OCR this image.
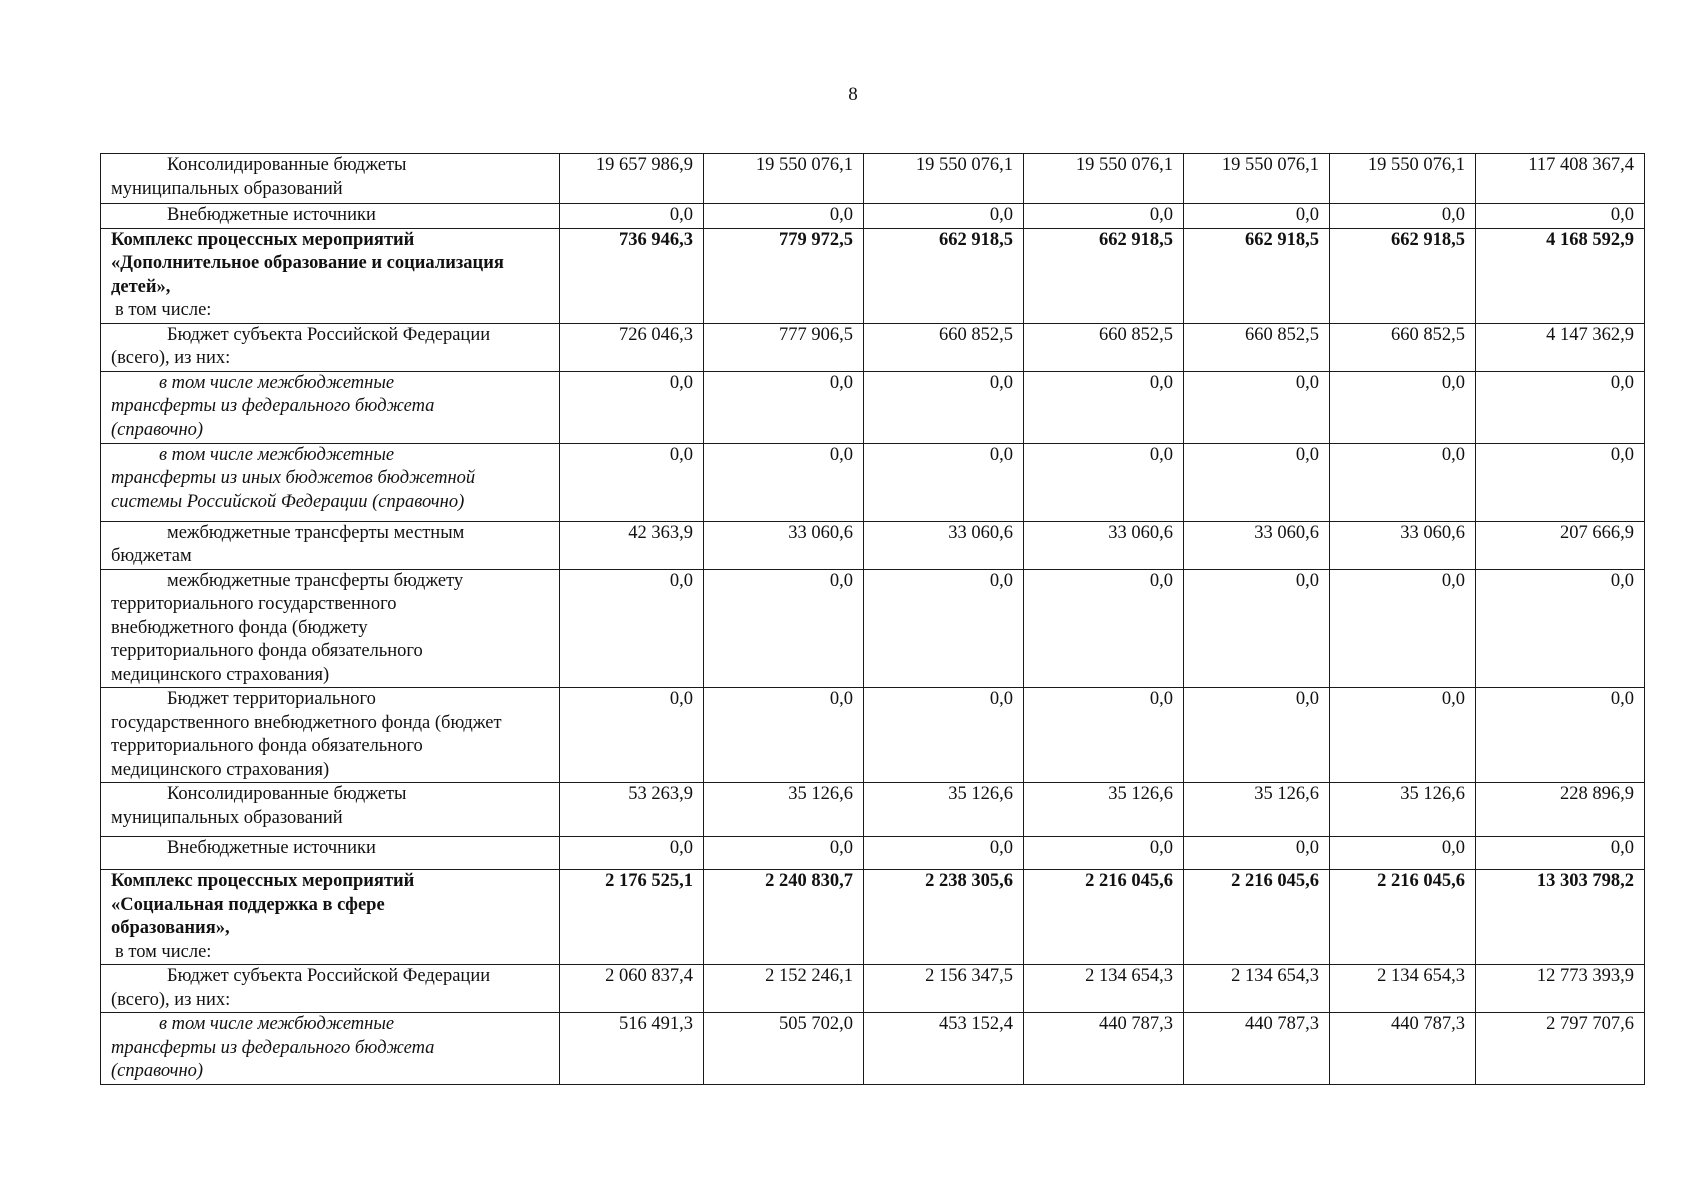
8
Консолидированные бюджеты
муниципальных образований	19 657 986,9	19 550 076,1	19 550 076,1	19 550 076,1	19 550 076,1	19 550 076,1	117 408 367,4

Внебюджетные источники	0,0	0,0	0,0	0,0	0,0	0,0	0,0

Комплекс процессных мероприятий
«Дополнительное образование и социализация
детей»,
в том числе:	736 946,3	779 972,5	662 918,5	662 918,5	662 918,5	662 918,5	4 168 592,9

Бюджет субъекта Российской Федерации
(всего), из них:	726 046,3	777 906,5	660 852,5	660 852,5	660 852,5	660 852,5	4 147 362,9

в том числе межбюджетные
трансферты из федерального бюджета
(справочно)	0,0	0,0	0,0	0,0	0,0	0,0	0,0

в том числе межбюджетные
трансферты из иных бюджетов бюджетной
системы Российской Федерации (справочно)	0,0	0,0	0,0	0,0	0,0	0,0	0,0

межбюджетные трансферты местным
бюджетам	42 363,9	33 060,6	33 060,6	33 060,6	33 060,6	33 060,6	207 666,9

межбюджетные трансферты бюджету
территориального государственного
внебюджетного фонда (бюджету
территориального фонда обязательного
медицинского страхования)	0,0	0,0	0,0	0,0	0,0	0,0	0,0

Бюджет территориального
государственного внебюджетного фонда (бюджет
территориального фонда обязательного
медицинского страхования)	0,0	0,0	0,0	0,0	0,0	0,0	0,0

Консолидированные бюджеты
муниципальных образований	53 263,9	35 126,6	35 126,6	35 126,6	35 126,6	35 126,6	228 896,9

Внебюджетные источники	0,0	0,0	0,0	0,0	0,0	0,0	0,0

Комплекс процессных мероприятий
«Социальная поддержка в сфере
образования»,
в том числе:	2 176 525,1	2 240 830,7	2 238 305,6	2 216 045,6	2 216 045,6	2 216 045,6	13 303 798,2

Бюджет субъекта Российской Федерации
(всего), из них:	2 060 837,4	2 152 246,1	2 156 347,5	2 134 654,3	2 134 654,3	2 134 654,3	12 773 393,9

в том числе межбюджетные
трансферты из федерального бюджета
(справочно)	516 491,3	505 702,0	453 152,4	440 787,3	440 787,3	440 787,3	2 797 707,6
